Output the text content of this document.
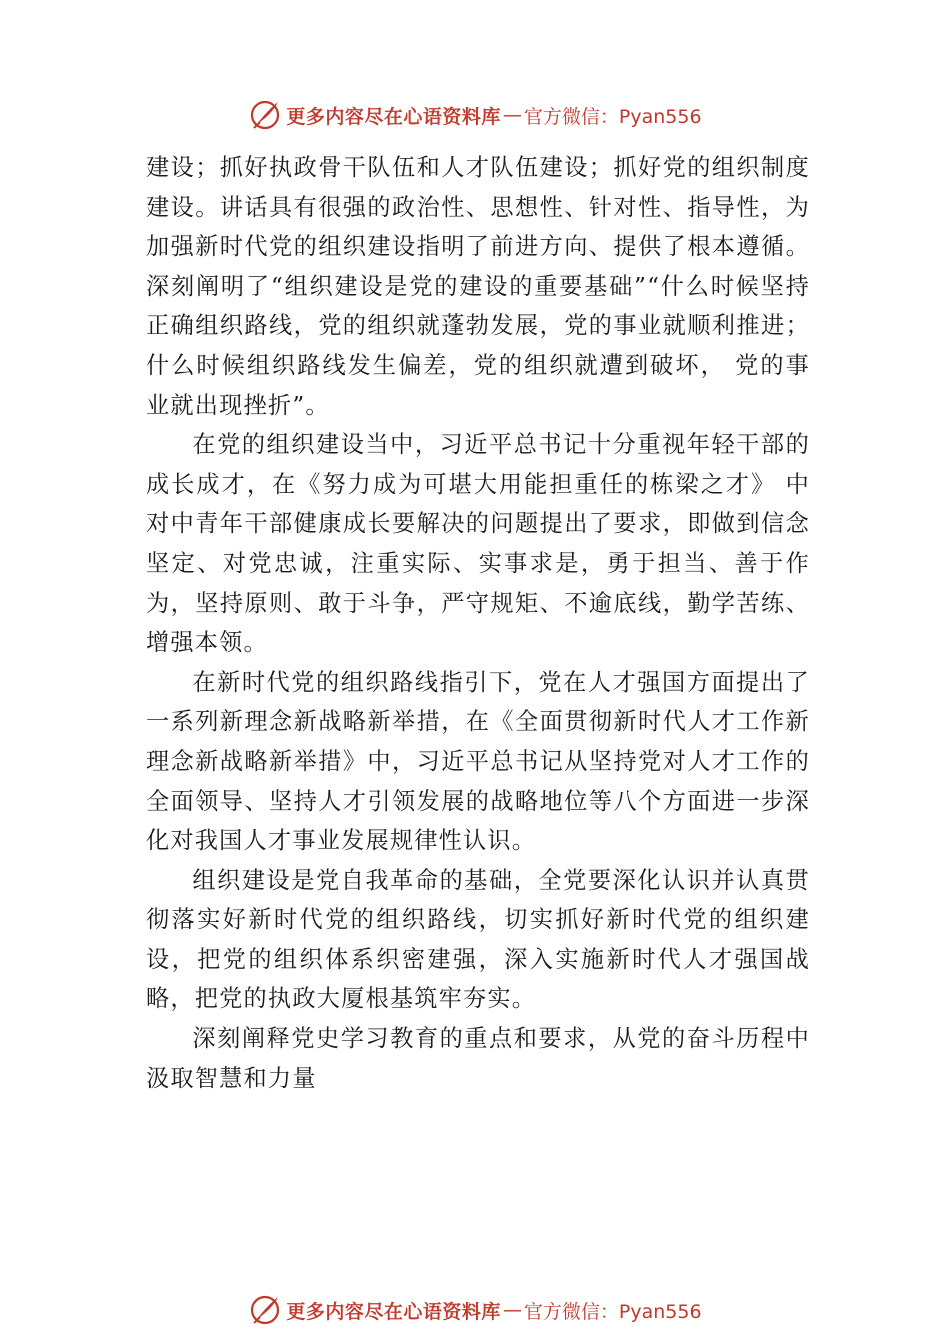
更多内容尽在心语资料库 — 官方微信：Pyan556

建设；抓好执政骨干队伍和人才队伍建设；抓好党的组织制度建设。讲话具有很强的政治性、思想性、针对性、指导性，为加强新时代党的组织建设指明了前进方向、提供了根本遵循。深刻阐明了“组织建设是党的建设的重要基础”“什么时候坚持正确组织路线，党的组织就蓬勃发展，党的事业就顺利推进；什么时候组织路线发生偏差，党的组织就遭到破坏， 党的事业就出现挫折”。

在党的组织建设当中，习近平总书记十分重视年轻干部的成长成才，在《努力成为可堪大用能担重任的栋梁之才》 中对中青年干部健康成长要解决的问题提出了要求，即做到信念坚定、对党忠诚，注重实际、实事求是，勇于担当、善于作为，坚持原则、敢于斗争，严守规矩、不逾底线，勤学苦练、增强本领。

在新时代党的组织路线指引下，党在人才强国方面提出了一系列新理念新战略新举措，在《全面贯彻新时代人才工作新理念新战略新举措》中，习近平总书记从坚持党对人才工作的全面领导、坚持人才引领发展的战略地位等八个方面进一步深化对我国人才事业发展规律性认识。

组织建设是党自我革命的基础，全党要深化认识并认真贯彻落实好新时代党的组织路线，切实抓好新时代党的组织建设，把党的组织体系织密建强，深入实施新时代人才强国战略，把党的执政大厦根基筑牢夯实。

深刻阐释党史学习教育的重点和要求，从党的奋斗历程中汲取智慧和力量

更多内容尽在心语资料库 — 官方微信：Pyan556
